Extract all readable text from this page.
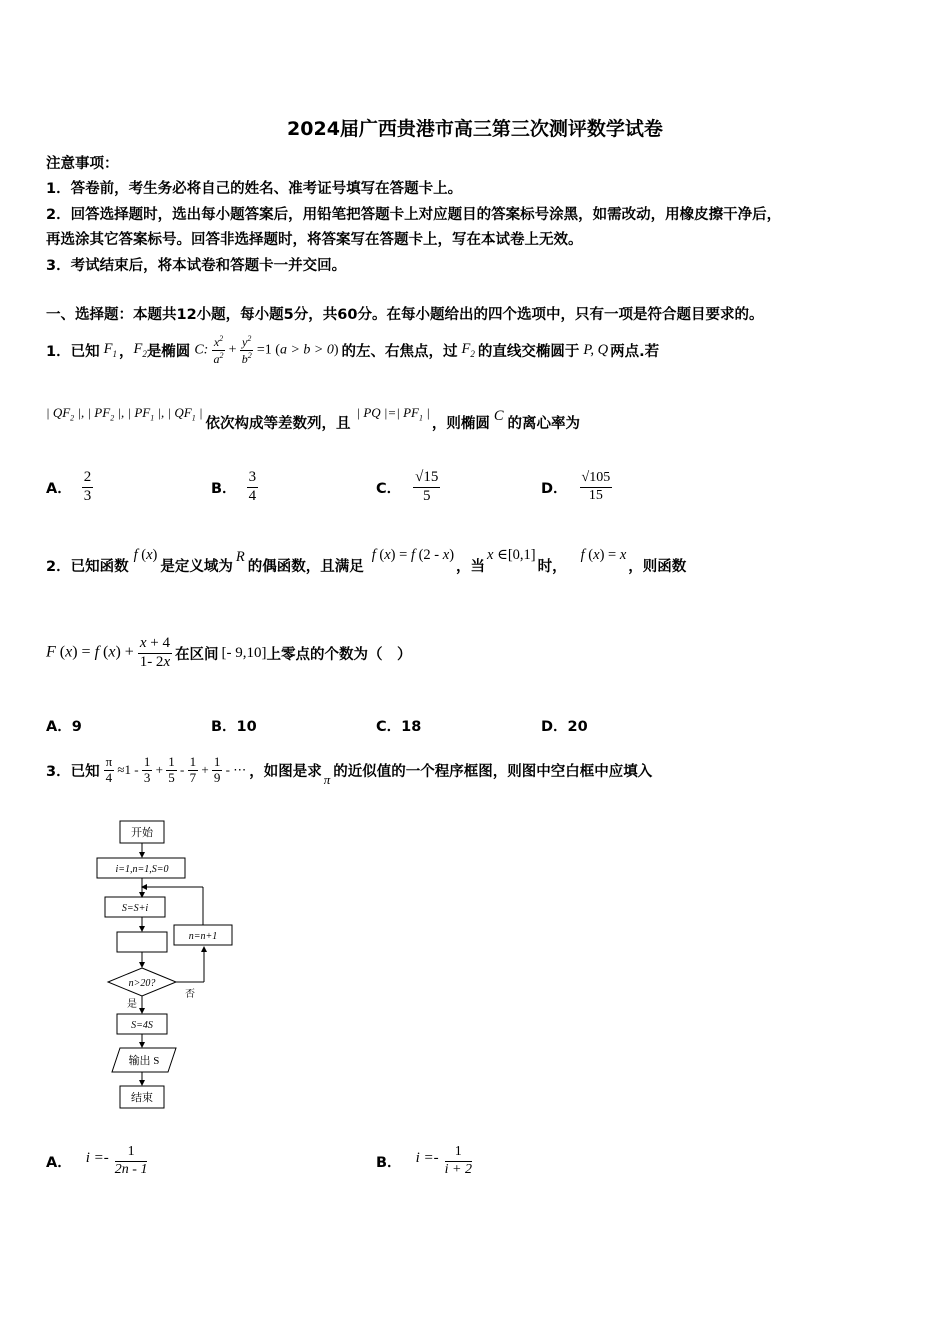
2024届广西贵港市高三第三次测评数学试卷
注意事项：
1．答卷前，考生务必将自己的姓名、准考证号填写在答题卡上。
2．回答选择题时，选出每小题答案后，用铅笔把答题卡上对应题目的答案标号涂黑，如需改动，用橡皮擦干净后，
再选涂其它答案标号。回答非选择题时，将答案写在答题卡上，写在本试卷上无效。
3．考试结束后，将本试卷和答题卡一并交回。
一、选择题：本题共12小题，每小题5分，共60分。在每小题给出的四个选项中，只有一项是符合题目要求的。
1．已知 $F_1$ ， $F_2$ 是椭圆 C: $\frac{x^2}{a^2} + \frac{y^2}{b^2} =1$ (a > b > 0) 的左、右焦点，过 $F_2$ 的直线交椭圆于 P, Q 两点.若
| $QF_2$ |, | $PF_2$ |, | $PF_1$ |, | $QF_1$ |
依次构成等差数列，且
| PQ |=| $PF_1$ |
，则椭圆 C 的离心率为
A． $\frac{2}{3}$	B． $\frac{3}{4}$	C． $\frac{√15}{5}$	D． $\frac{√105}{15}$
2．已知函数
f (x)
是定义域为
R
的偶函数，且满足
f (x) = f (2 - x)
，当
x ∈[0,1]
时，
f (x) = x
，则函数
F (x) = f $(x) + \frac{x + 4}{1- 2x}$ 在区间 [- 9,10] 上零点的个数为（　）
A．9	B．10	C．18	D．20
3．已知 $\frac{\pi}{4} \approx 1 - \frac{1}{3} + \frac{1}{5} - \frac{1}{7} + \frac{1}{9}$ - ⋯ ，如图是求 π 的近似值的一个程序框图，则图中空白框中应填入
开始
i=1,n=1,S=0
S=S+i
n=n+1
n>20?
是
否
S=4S
输出 S
结束
A． $i =- \frac{1}{2n - 1}$	B． $i =- \frac{1}{i + 2}$
